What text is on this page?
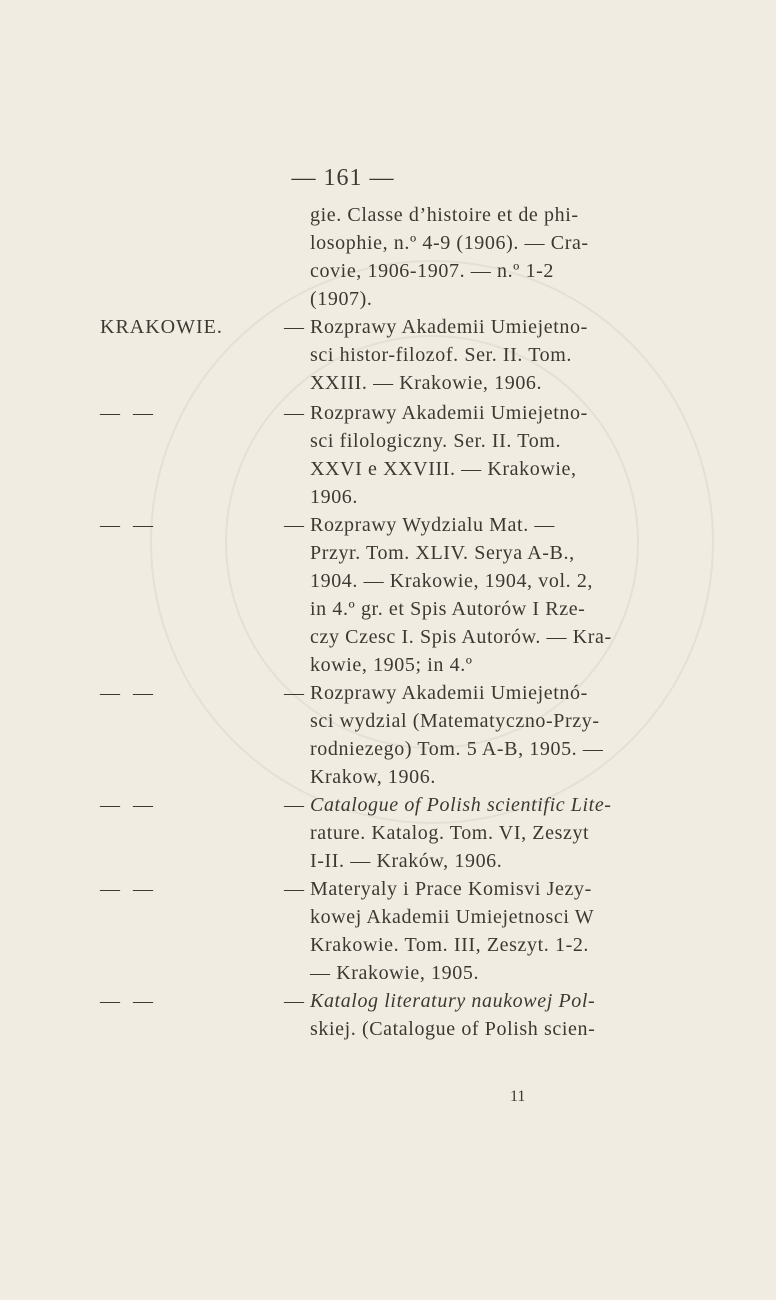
— 161 —
KRAKOWIE.
—  —
—  —
—  —
—  —
—  —
—  —
—
—
—
—
—
—
—
gie. Classe d’histoire et de phi-
losophie, n.º 4-9 (1906). — Cra-
covie, 1906-1907. — n.º 1-2
(1907).
Rozprawy Akademii Umiejetno-
sci histor-filozof. Ser. II. Tom.
XXIII. — Krakowie, 1906.
Rozprawy Akademii Umiejetno-
sci filologiczny. Ser. II. Tom.
XXVI e XXVIII. — Krakowie,
1906.
Rozprawy Wydzialu Mat. —
Przyr. Tom. XLIV. Serya A-B.,
1904. — Krakowie, 1904, vol. 2,
in 4.º gr. et Spis Autorów I Rze-
czy Czesc I. Spis Autorów. — Kra-
kowie, 1905; in 4.º
Rozprawy Akademii Umiejetnó-
sci wydzial (Matematyczno-Przy-
rodniezego) Tom. 5 A-B, 1905. —
Krakow, 1906.
Catalogue of Polish scientific Lite-
rature. Katalog. Tom. VI, Zeszyt
I-II. — Kraków, 1906.
Materyaly i Prace Komisvi Jezy-
kowej Akademii Umiejetnosci W
Krakowie. Tom. III, Zeszyt. 1-2.
— Krakowie, 1905.
Katalog literatury naukowej Pol-
skiej. (Catalogue of Polish scien-

11
